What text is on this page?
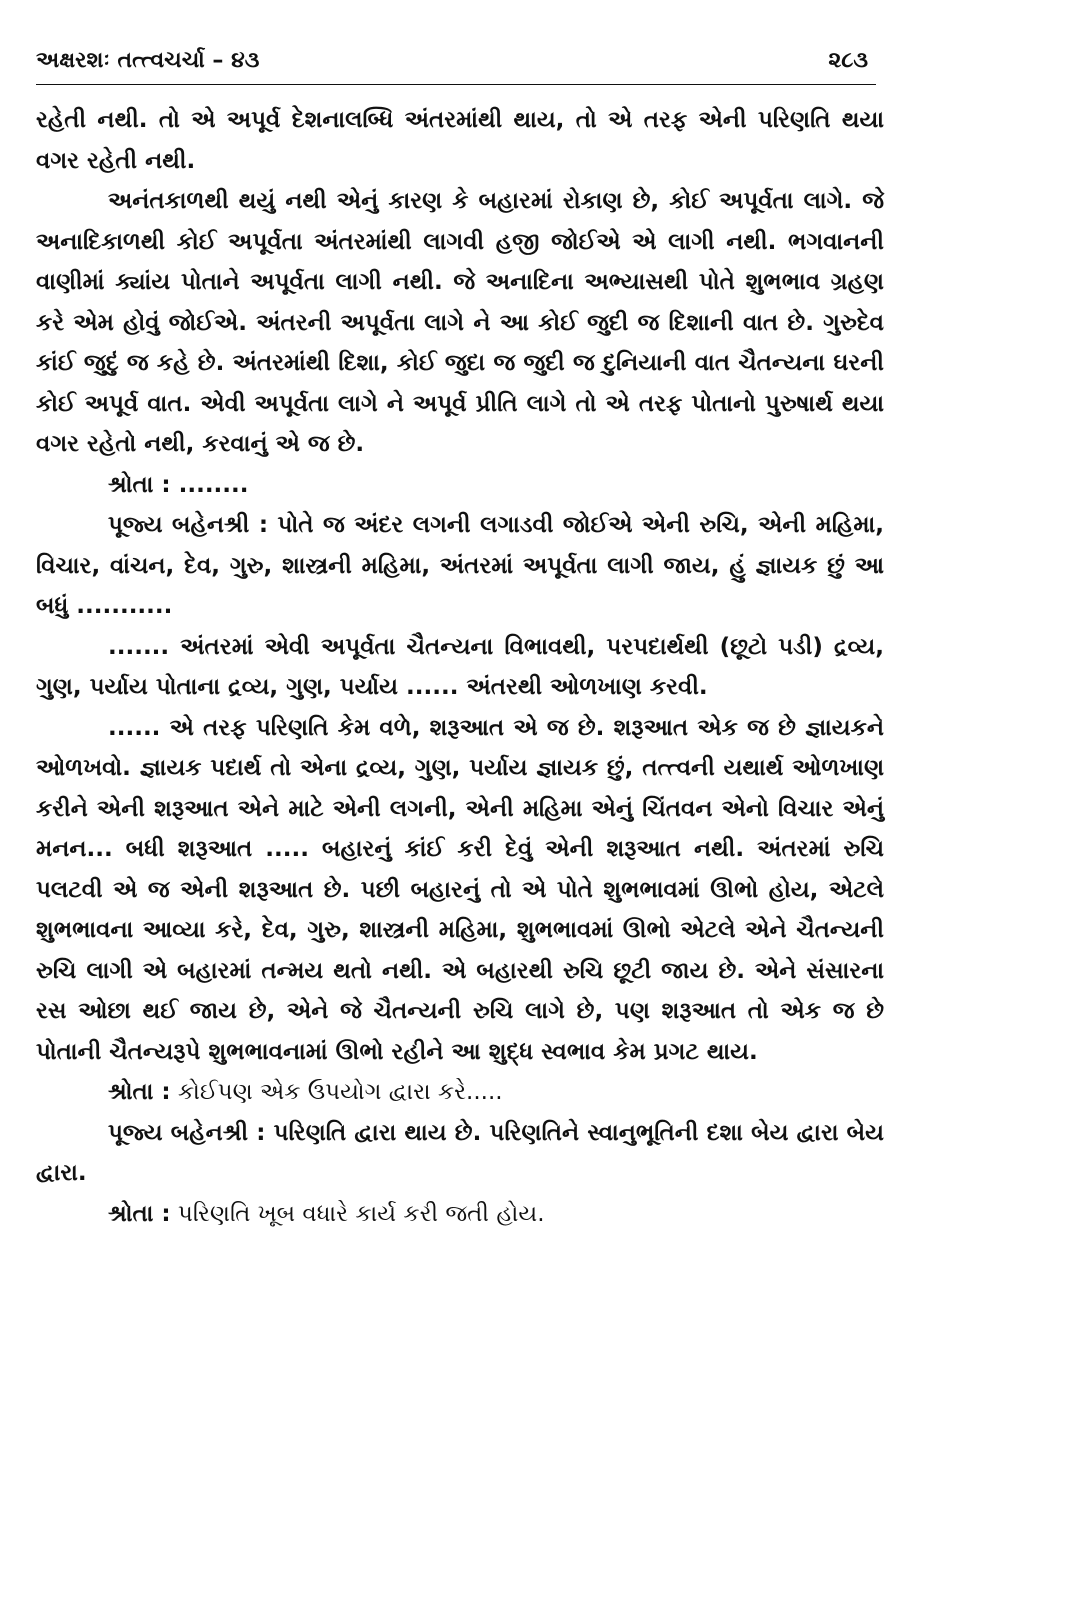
અક્ષરશઃ તત્ત્વચર્ચા – ૪૩	૨૮૩

રહેતી નથી. તો એ અપૂર્વ દેશનાલબ્ધિ અંતરમાંથી થાય, તો એ તરફ એની પરિણતિ થયા વગર રહેતી નથી.

અનંતકાળથી થયું નથી એનું કારણ કે બહારમાં રોકાણ છે, કોઈ અપૂર્વતા લાગે. જે અનાદિકાળથી કોઈ અપૂર્વતા અંતરમાંથી લાગવી હજી જોઈએ એ લાગી નથી. ભગવાનની વાણીમાં ક્યાંય પોતાને અપૂર્વતા લાગી નથી. જે અનાદિના અભ્યાસથી પોતે શુભભાવ ગ્રહણ કરે એમ હોવું જોઈએ. અંતરની અપૂર્વતા લાગે ને આ કોઈ જુદી જ દિશાની વાત છે. ગુરુદેવ કાંઈ જુદું જ કહે છે. અંતરમાંથી દિશા, કોઈ જુદા જ જુદી જ દુનિયાની વાત ચૈતન્યના ઘરની કોઈ અપૂર્વ વાત. એવી અપૂર્વતા લાગે ને અપૂર્વ પ્રીતિ લાગે તો એ તરફ પોતાનો પુરુષાર્થ થયા વગર રહેતો નથી, કરવાનું એ જ છે.

શ્રોતા : ........

પૂજ્ય બહેનશ્રી : પોતે જ અંદર લગની લગાડવી જોઈએ એની રુચિ, એની મહિમા, વિચાર, વાંચન, દેવ, ગુરુ, શાસ્ત્રની મહિમા, અંતરમાં અપૂર્વતા લાગી જાય, હું જ્ઞાયક છું આ બધું ...........

....... અંતરમાં એવી અપૂર્વતા ચૈતન્યના વિભાવથી, પરપદાર્થથી (છૂટો પડી) દ્રવ્ય, ગુણ, પર્યાય પોતાના દ્રવ્ય, ગુણ, પર્યાય ...... અંતરથી ઓળખાણ કરવી.

...... એ તરફ પરિણતિ કેમ વળે, શરૂઆત એ જ છે. શરૂઆત એક જ છે જ્ઞાયકને ઓળખવો. જ્ઞાયક પદાર્થ તો એના દ્રવ્ય, ગુણ, પર્યાય જ્ઞાયક છું, તત્ત્વની યથાર્થ ઓળખાણ કરીને એની શરૂઆત એને માટે એની લગની, એની મહિમા એનું ચિંતવન એનો વિચાર એનું મનન... બધી શરૂઆત ..... બહારનું કાંઈ કરી દેવું એની શરૂઆત નથી. અંતરમાં રુચિ પલટવી એ જ એની શરૂઆત છે. પછી બહારનું તો એ પોતે શુભભાવમાં ઊભો હોય, એટલે શુભભાવના આવ્યા કરે, દેવ, ગુરુ, શાસ્ત્રની મહિમા, શુભભાવમાં ઊભો એટલે એને ચૈતન્યની રુચિ લાગી એ બહારમાં તન્મય થતો નથી. એ બહારથી રુચિ છૂટી જાય છે. એને સંસારના રસ ઓછા થઈ જાય છે, એને જે ચૈતન્યની રુચિ લાગે છે, પણ શરૂઆત તો એક જ છે પોતાની ચૈતન્યરૂપે શુભભાવનામાં ઊભો રહીને આ શુદ્ધ સ્વભાવ કેમ પ્રગટ થાય.

શ્રોતા : કોઈપણ એક ઉપયોગ દ્વારા કરે.....

પૂજ્ય બહેનશ્રી : પરિણતિ દ્વારા થાય છે. પરિણતિને સ્વાનુભૂતિની દશા બેય દ્વારા બેય દ્વારા.

શ્રોતા : પરિણતિ ખૂબ વધારે કાર્ય કરી જતી હોય.
